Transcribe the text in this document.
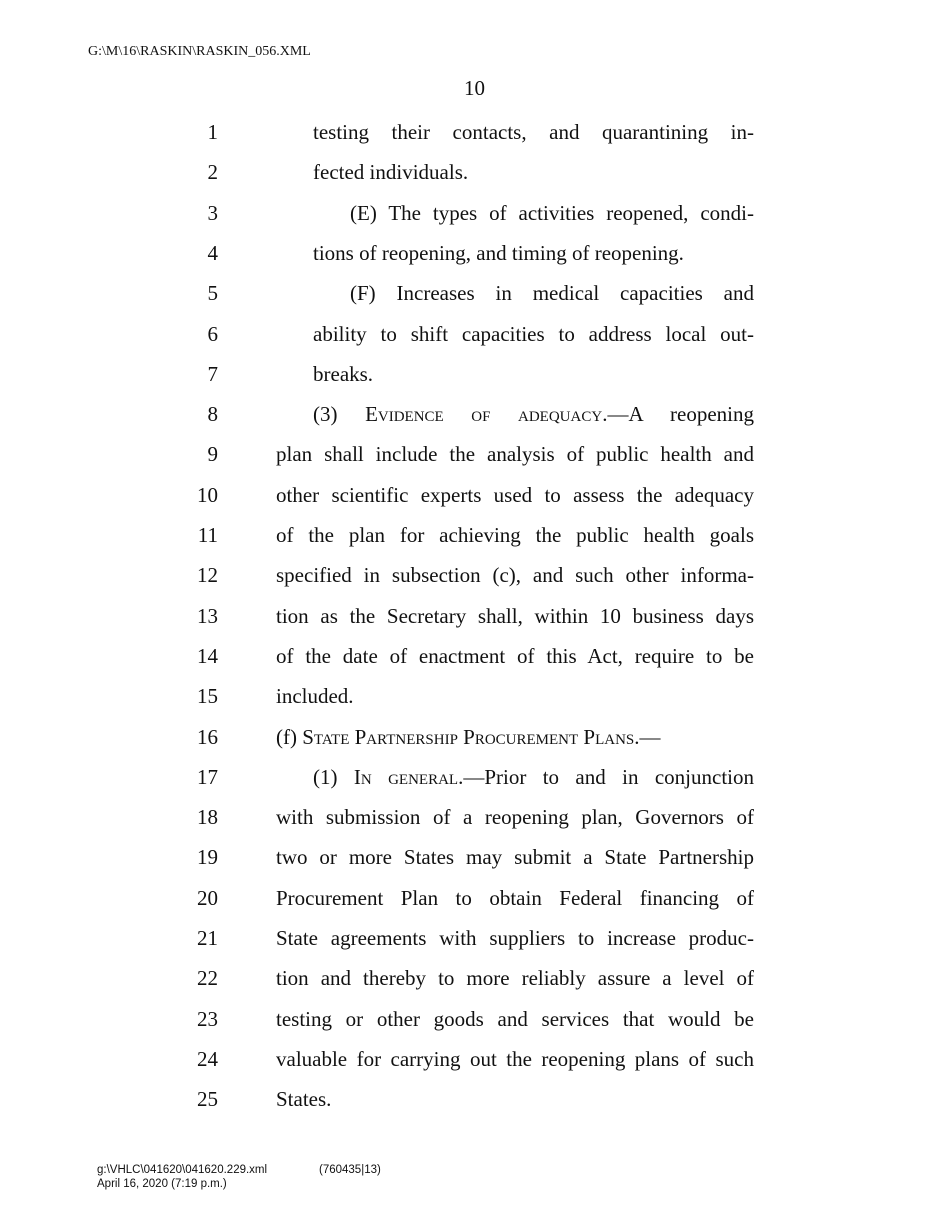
G:\M\16\RASKIN\RASKIN_056.XML
10
1	testing their contacts, and quarantining in-
2	fected individuals.
3	(E) The types of activities reopened, condi-
4	tions of reopening, and timing of reopening.
5	(F) Increases in medical capacities and
6	ability to shift capacities to address local out-
7	breaks.
8	(3) Evidence of adequacy.—A reopening
9	plan shall include the analysis of public health and
10	other scientific experts used to assess the adequacy
11	of the plan for achieving the public health goals
12	specified in subsection (c), and such other informa-
13	tion as the Secretary shall, within 10 business days
14	of the date of enactment of this Act, require to be
15	included.
16	(f) State Partnership Procurement Plans.—
17	(1) In general.—Prior to and in conjunction
18	with submission of a reopening plan, Governors of
19	two or more States may submit a State Partnership
20	Procurement Plan to obtain Federal financing of
21	State agreements with suppliers to increase produc-
22	tion and thereby to more reliably assure a level of
23	testing or other goods and services that would be
24	valuable for carrying out the reopening plans of such
25	States.
g:\VHLC\041620\041620.229.xml	(760435|13)
April 16, 2020 (7:19 p.m.)
